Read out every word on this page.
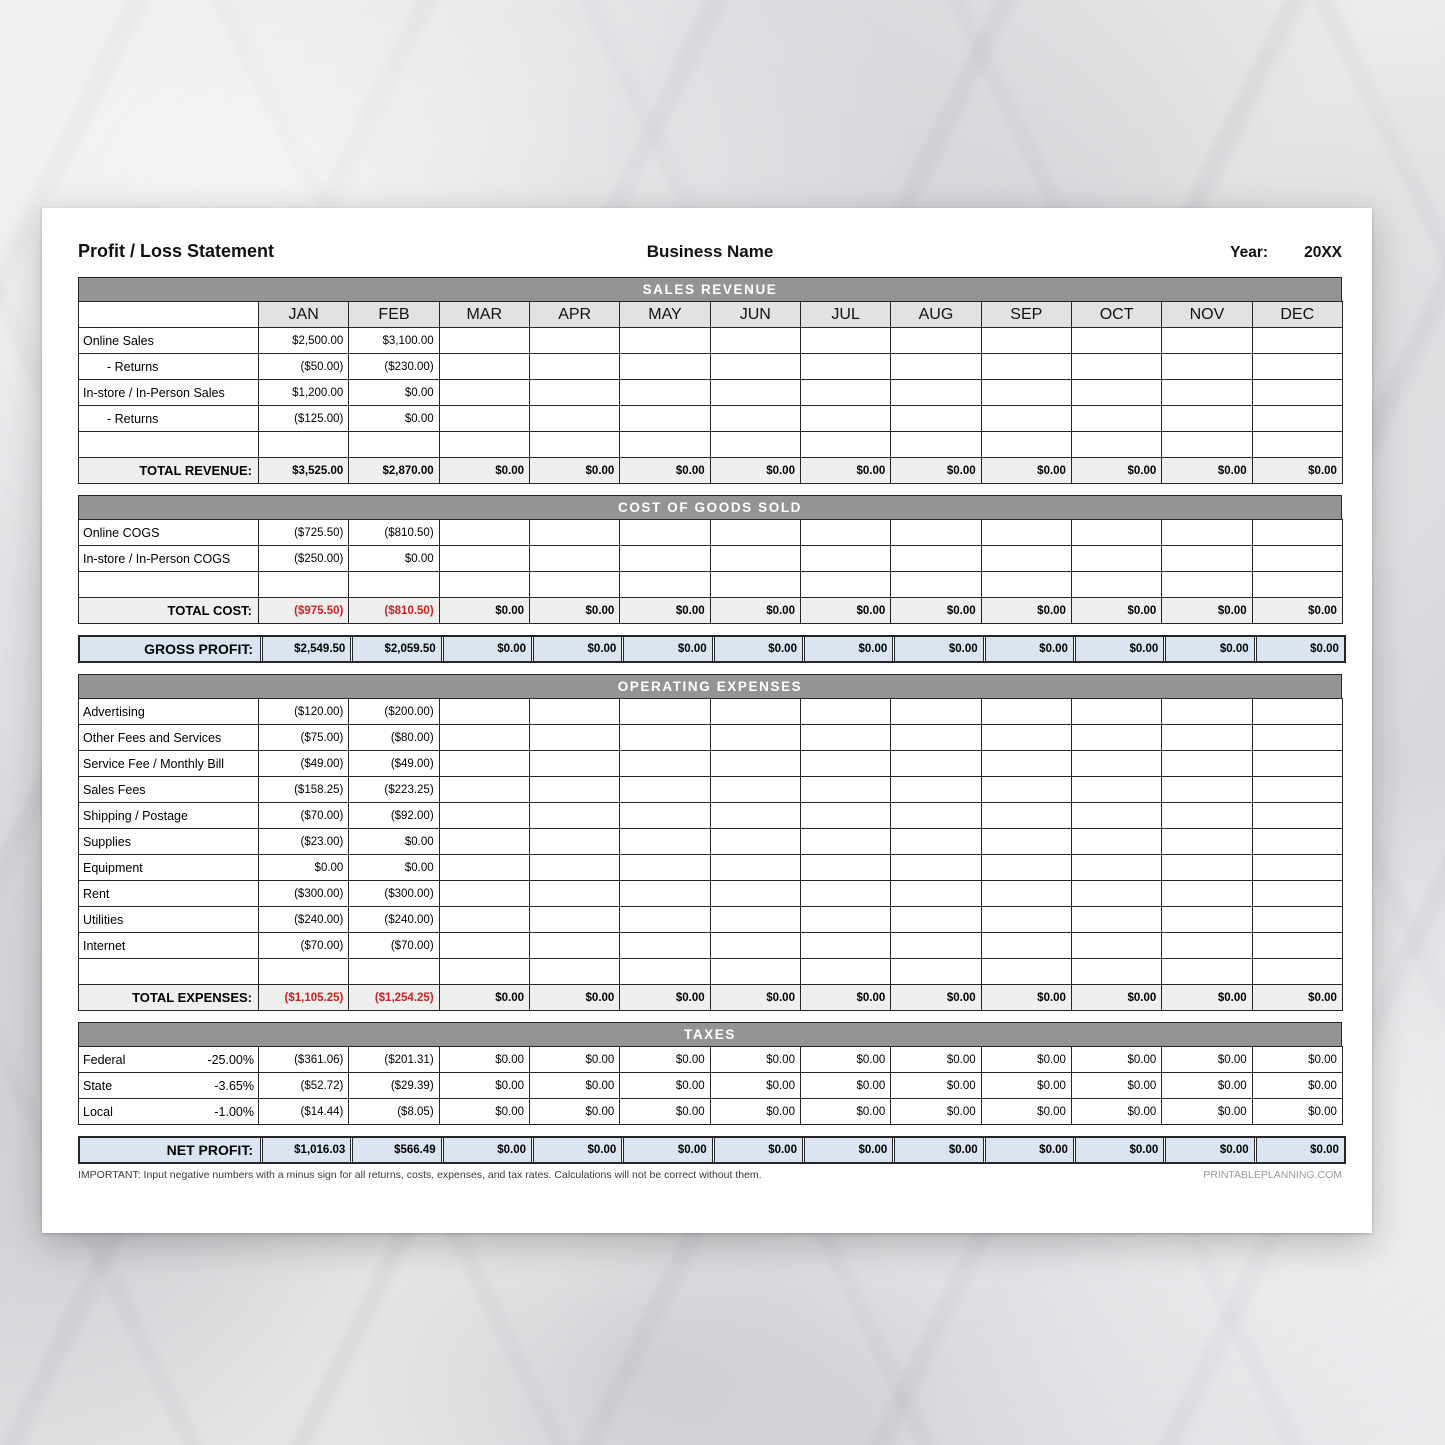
Profit / Loss Statement	Business Name	Year: 20XX
SALES REVENUE
	JAN	FEB	MAR	APR	MAY	JUN	JUL	AUG	SEP	OCT	NOV	DEC
Online Sales	$2,500.00	$3,100.00										
- Returns	($50.00)	($230.00)										
In-store / In-Person Sales	$1,200.00	$0.00										
- Returns	($125.00)	$0.00										

TOTAL REVENUE:	$3,525.00	$2,870.00	$0.00	$0.00	$0.00	$0.00	$0.00	$0.00	$0.00	$0.00	$0.00	$0.00
COST OF GOODS SOLD
Online COGS	($725.50)	($810.50)										
In-store / In-Person COGS	($250.00)	$0.00										

TOTAL COST:	($975.50)	($810.50)	$0.00	$0.00	$0.00	$0.00	$0.00	$0.00	$0.00	$0.00	$0.00	$0.00
GROSS PROFIT:	$2,549.50	$2,059.50	$0.00	$0.00	$0.00	$0.00	$0.00	$0.00	$0.00	$0.00	$0.00	$0.00
OPERATING EXPENSES
Advertising	($120.00)	($200.00)										
Other Fees and Services	($75.00)	($80.00)										
Service Fee / Monthly Bill	($49.00)	($49.00)										
Sales Fees	($158.25)	($223.25)										
Shipping / Postage	($70.00)	($92.00)										
Supplies	($23.00)	$0.00										
Equipment	$0.00	$0.00										
Rent	($300.00)	($300.00)										
Utilities	($240.00)	($240.00)										
Internet	($70.00)	($70.00)										

TOTAL EXPENSES:	($1,105.25)	($1,254.25)	$0.00	$0.00	$0.00	$0.00	$0.00	$0.00	$0.00	$0.00	$0.00	$0.00
TAXES
Federal -25.00%	($361.06)	($201.31)	$0.00	$0.00	$0.00	$0.00	$0.00	$0.00	$0.00	$0.00	$0.00	$0.00

State -3.65%	($52.72)	($29.39)	$0.00	$0.00	$0.00	$0.00	$0.00	$0.00	$0.00	$0.00	$0.00	$0.00

Local -1.00%	($14.44)	($8.05)	$0.00	$0.00	$0.00	$0.00	$0.00	$0.00	$0.00	$0.00	$0.00	$0.00
NET PROFIT:	$1,016.03	$566.49	$0.00	$0.00	$0.00	$0.00	$0.00	$0.00	$0.00	$0.00	$0.00	$0.00
IMPORTANT: Input negative numbers with a minus sign for all returns, costs, expenses, and tax rates. Calculations will not be correct without them.	PRINTABLEPLANNING.COM
